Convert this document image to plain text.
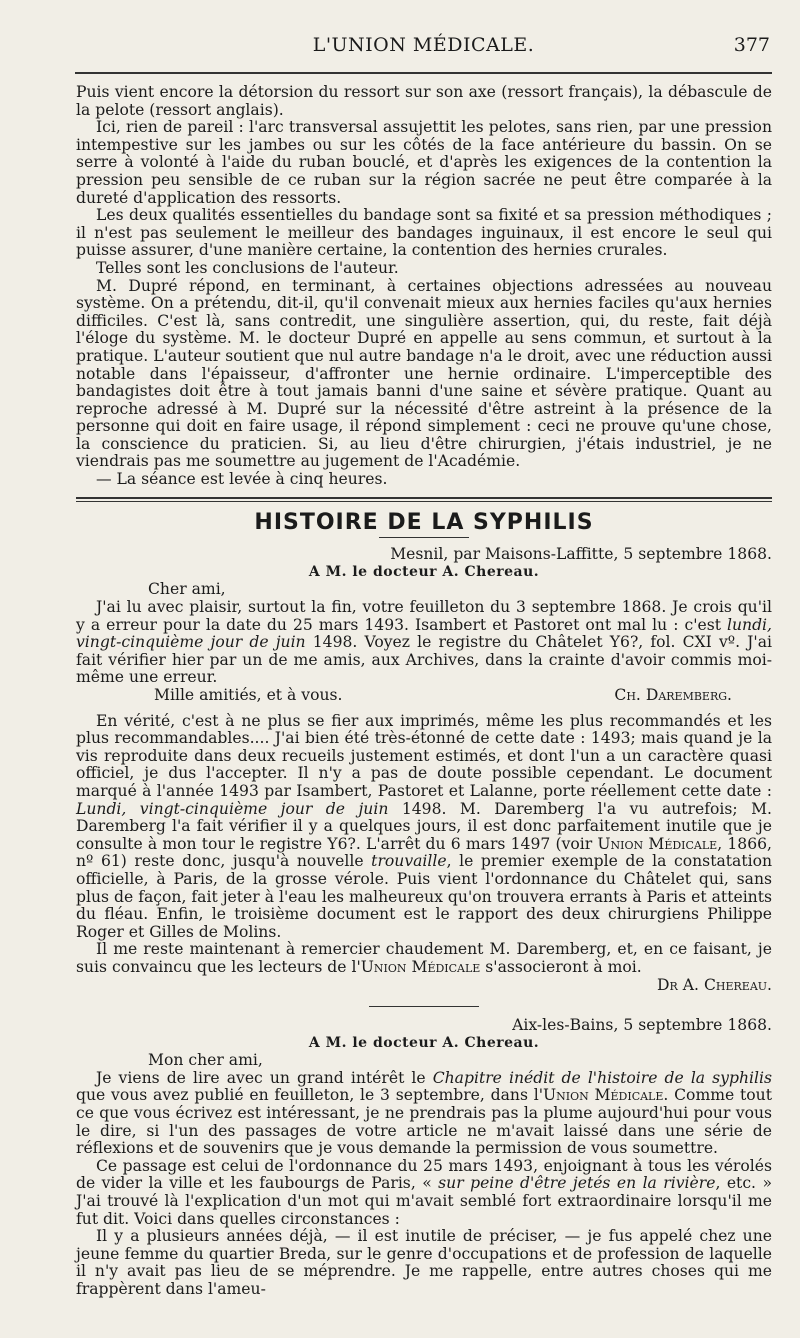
L'UNION MÉDICALE.	377

Puis vient encore la détorsion du ressort sur son axe (ressort français), la débascule de la pelote (ressort anglais).

Ici, rien de pareil : l'arc transversal assujettit les pelotes, sans rien, par une pression intempestive sur les jambes ou sur les côtés de la face antérieure du bassin. On se serre à volonté à l'aide du ruban bouclé, et d'après les exigences de la contention la pression peu sensible de ce ruban sur la région sacrée ne peut être comparée à la dureté d'application des ressorts.

Les deux qualités essentielles du bandage sont sa fixité et sa pression méthodiques ; il n'est pas seulement le meilleur des bandages inguinaux, il est encore le seul qui puisse assurer, d'une manière certaine, la contention des hernies crurales.

Telles sont les conclusions de l'auteur.

M. Dupré répond, en terminant, à certaines objections adressées au nouveau système. On a prétendu, dit-il, qu'il convenait mieux aux hernies faciles qu'aux hernies difficiles. C'est là, sans contredit, une singulière assertion, qui, du reste, fait déjà l'éloge du système. M. le docteur Dupré en appelle au sens commun, et surtout à la pratique. L'auteur soutient que nul autre bandage n'a le droit, avec une réduction aussi notable dans l'épaisseur, d'affronter une hernie ordinaire. L'imperceptible des bandagistes doit être à tout jamais banni d'une saine et sévère pratique. Quant au reproche adressé à M. Dupré sur la nécessité d'être astreint à la présence de la personne qui doit en faire usage, il répond simplement : ceci ne prouve qu'une chose, la conscience du praticien. Si, au lieu d'être chirurgien, j'étais industriel, je ne viendrais pas me soumettre au jugement de l'Académie.

— La séance est levée à cinq heures.

HISTOIRE DE LA SYPHILIS

Mesnil, par Maisons-Laffitte, 5 septembre 1868.

A M. le docteur A. Chereau.

Cher ami,

J'ai lu avec plaisir, surtout la fin, votre feuilleton du 3 septembre 1868. Je crois qu'il y a erreur pour la date du 25 mars 1493. Isambert et Pastoret ont mal lu : c'est lundi, vingt-cinquième jour de juin 1498. Voyez le registre du Châtelet Y6?, fol. CXI vº. J'ai fait vérifier hier par un de me amis, aux Archives, dans la crainte d'avoir commis moi-même une erreur.

Mille amitiés, et à vous.	Ch. Daremberg.

En vérité, c'est à ne plus se fier aux imprimés, même les plus recommandés et les plus recommandables.... J'ai bien été très-étonné de cette date : 1493; mais quand je la vis reproduite dans deux recueils justement estimés, et dont l'un a un caractère quasi officiel, je dus l'accepter. Il n'y a pas de doute possible cependant. Le document marqué à l'année 1493 par Isambert, Pastoret et Lalanne, porte réellement cette date : Lundi, vingt-cinquième jour de juin 1498. M. Daremberg l'a vu autrefois; M. Daremberg l'a fait vérifier il y a quelques jours, il est donc parfaitement inutile que je consulte à mon tour le registre Y6?. L'arrêt du 6 mars 1497 (voir Union Médicale, 1866, nº 61) reste donc, jusqu'à nouvelle trouvaille, le premier exemple de la constatation officielle, à Paris, de la grosse vérole. Puis vient l'ordonnance du Châtelet qui, sans plus de façon, fait jeter à l'eau les malheureux qu'on trouvera errants à Paris et atteints du fléau. Enfin, le troisième document est le rapport des deux chirurgiens Philippe Roger et Gilles de Molins.

Il me reste maintenant à remercier chaudement M. Daremberg, et, en ce faisant, je suis convaincu que les lecteurs de l'Union Médicale s'associeront à moi.

Dr A. Chereau.

Aix-les-Bains, 5 septembre 1868.

A M. le docteur A. Chereau.

Mon cher ami,

Je viens de lire avec un grand intérêt le Chapitre inédit de l'histoire de la syphilis que vous avez publié en feuilleton, le 3 septembre, dans l'Union Médicale. Comme tout ce que vous écrivez est intéressant, je ne prendrais pas la plume aujourd'hui pour vous le dire, si l'un des passages de votre article ne m'avait laissé dans une série de réflexions et de souvenirs que je vous demande la permission de vous soumettre.

Ce passage est celui de l'ordonnance du 25 mars 1493, enjoignant à tous les vérolés de vider la ville et les faubourgs de Paris, « sur peine d'être jetés en la rivière, etc. » J'ai trouvé là l'explication d'un mot qui m'avait semblé fort extraordinaire lorsqu'il me fut dit. Voici dans quelles circonstances :

Il y a plusieurs années déjà, — il est inutile de préciser, — je fus appelé chez une jeune femme du quartier Breda, sur le genre d'occupations et de profession de laquelle il n'y avait pas lieu de se méprendre. Je me rappelle, entre autres choses qui me frappèrent dans l'ameu-
